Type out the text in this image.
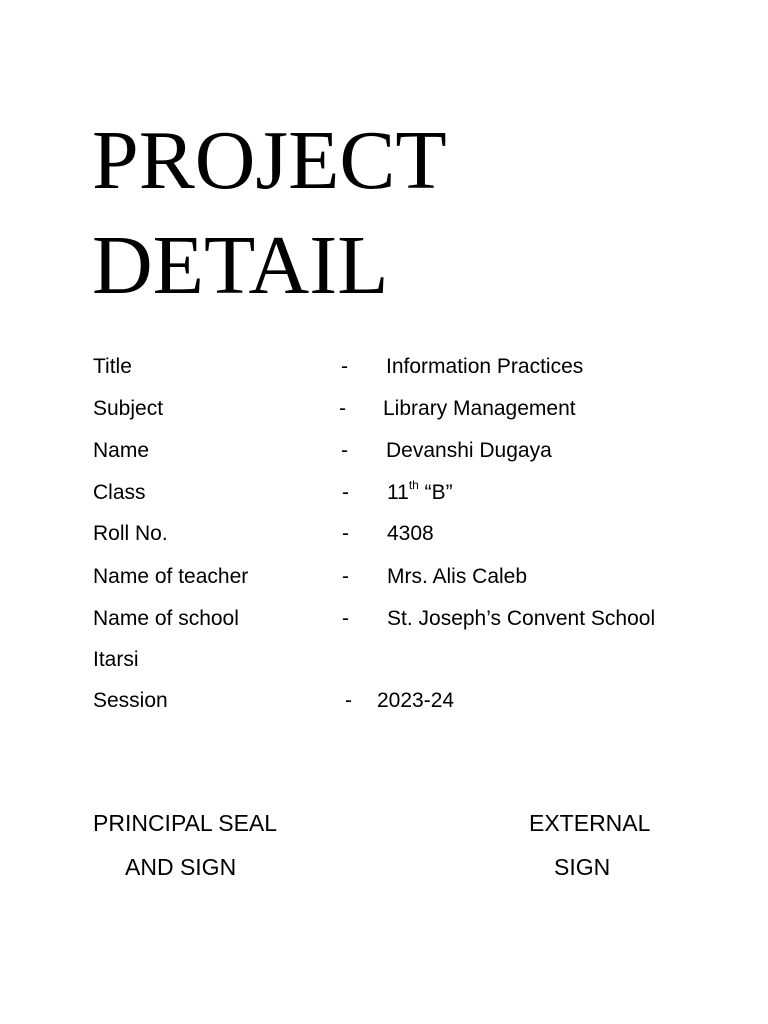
PROJECT
DETAIL
Title	- Information Practices
Subject	- Library Management
Name	- Devanshi Dugaya
Class	- 11th “B”
Roll No.	- 4308
Name of teacher	- Mrs. Alis Caleb
Name of school	- St. Joseph’s Convent School
Itarsi
Session	- 2023-24
PRINCIPAL SEAL
AND SIGN
EXTERNAL
SIGN
